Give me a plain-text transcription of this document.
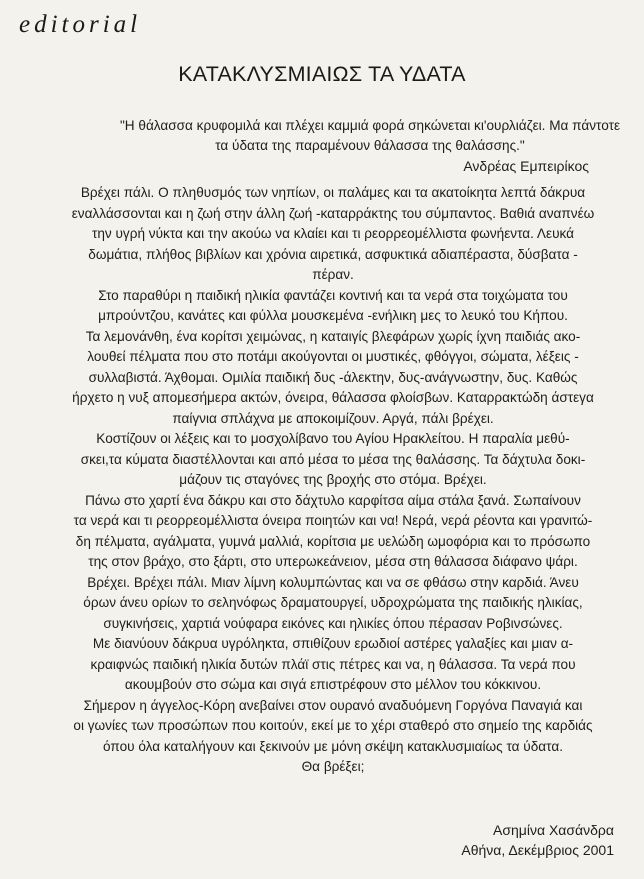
editorial
ΚΑΤΑΚΛΥΣΜΙΑΙΩΣ ΤΑ ΥΔΑΤΑ
"Η θάλασσα κρυφομιλά και πλέχει καμμιά φορά σηκώνεται κι'ουρλιάζει. Μα πάντοτε
τα ύδατα της παραμένουν θάλασσα της θαλάσσης."
Ανδρέας Εμπειρίκος
Βρέχει πάλι. Ο πληθυσμός των νηπίων, οι παλάμες και τα ακατοίκητα λεπτά δάκρυα
εναλλάσσονται και η ζωή στην άλλη ζωή -καταρράκτης του σύμπαντος. Βαθιά αναπνέω
την υγρή νύκτα και την ακούω να κλαίει και τι ρεορρεομέλλιστα φωνήεντα. Λευκά
δωμάτια, πλήθος βιβλίων και χρόνια αιρετικά, ασφυκτικά αδιαπέραστα, δύσβατα -
πέραν.
Στο παραθύρι η παιδική ηλικία φαντάζει κοντινή και τα νερά στα τοιχώματα του
μπρούντζου, κανάτες και φύλλα μουσκεμένα -ενήλικη μες το λευκό του Κήπου.
Τα λεμονάνθη, ένα κορίτσι χειμώνας, η καταιγίς βλεφάρων χωρίς ίχνη παιδιάς ακο-
λουθεί πέλματα που στο ποτάμι ακούγονται οι μυστικές, φθόγγοι, σώματα, λέξεις -
συλλαβιστά. Άχθομαι. Ομιλία παιδική δυς -άλεκτην, δυς-ανάγνωστην, δυς. Καθώς
ήρχετο η νυξ απομεσήμερα ακτών, όνειρα, θάλασσα φλοίσβων. Καταρρακτώδη άστεγα
παίγνια σπλάχνα με αποκοιμίζουν. Αργά, πάλι βρέχει.
Κοστίζουν οι λέξεις και το μοσχολίβανο του Αγίου Ηρακλείτου. Η παραλία μεθύ-
σκει,τα κύματα διαστέλλονται και από μέσα το μέσα της θαλάσσης. Τα δάχτυλα δοκι-
μάζουν τις σταγόνες της βροχής στο στόμα. Βρέχει.
Πάνω στο χαρτί ένα δάκρυ και στο δάχτυλο καρφίτσα αίμα στάλα ξανά. Σωπαίνουν
τα νερά και τι ρεορρεομέλλιστα όνειρα ποιητών και να! Νερά, νερά ρέοντα και γρανιτώ-
δη πέλματα, αγάλματα, γυμνά μαλλιά, κορίτσια με υελώδη ωμοφόρια και το πρόσωπο
της στον βράχο, στο ξάρτι, στο υπερωκεάνειον, μέσα στη θάλασσα διάφανο ψάρι.
Βρέχει. Βρέχει πάλι. Μιαν λίμνη κολυμπώντας και να σε φθάσω στην καρδιά. Άνευ
όρων άνευ ορίων το σεληνόφως δραματουργεί, υδροχρώματα της παιδικής ηλικίας,
συγκινήσεις, χαρτιά νούφαρα εικόνες και ηλικίες όπου πέρασαν Ροβινσώνες.
Με διανύουν δάκρυα υγρόληκτα, σπιθίζουν ερωδιοί αστέρες γαλαξίες και μιαν α-
κραιφνώς παιδική ηλικία δυτών πλάϊ στις πέτρες και να, η θάλασσα. Τα νερά που
ακουμβούν στο σώμα και σιγά επιστρέφουν στο μέλλον του κόκκινου.
Σήμερον η άγγελος-Κόρη ανεβαίνει στον ουρανό αναδυόμενη Γοργόνα Παναγιά και
οι γωνίες των προσώπων που κοιτούν, εκεί με το χέρι σταθερό στο σημείο της καρδιάς
όπου όλα καταλήγουν και ξεκινούν με μόνη σκέψη κατακλυσμιαίως τα ύδατα.
Θα βρέξει;
Ασημίνα Χασάνδρα
Αθήνα, Δεκέμβριος 2001
